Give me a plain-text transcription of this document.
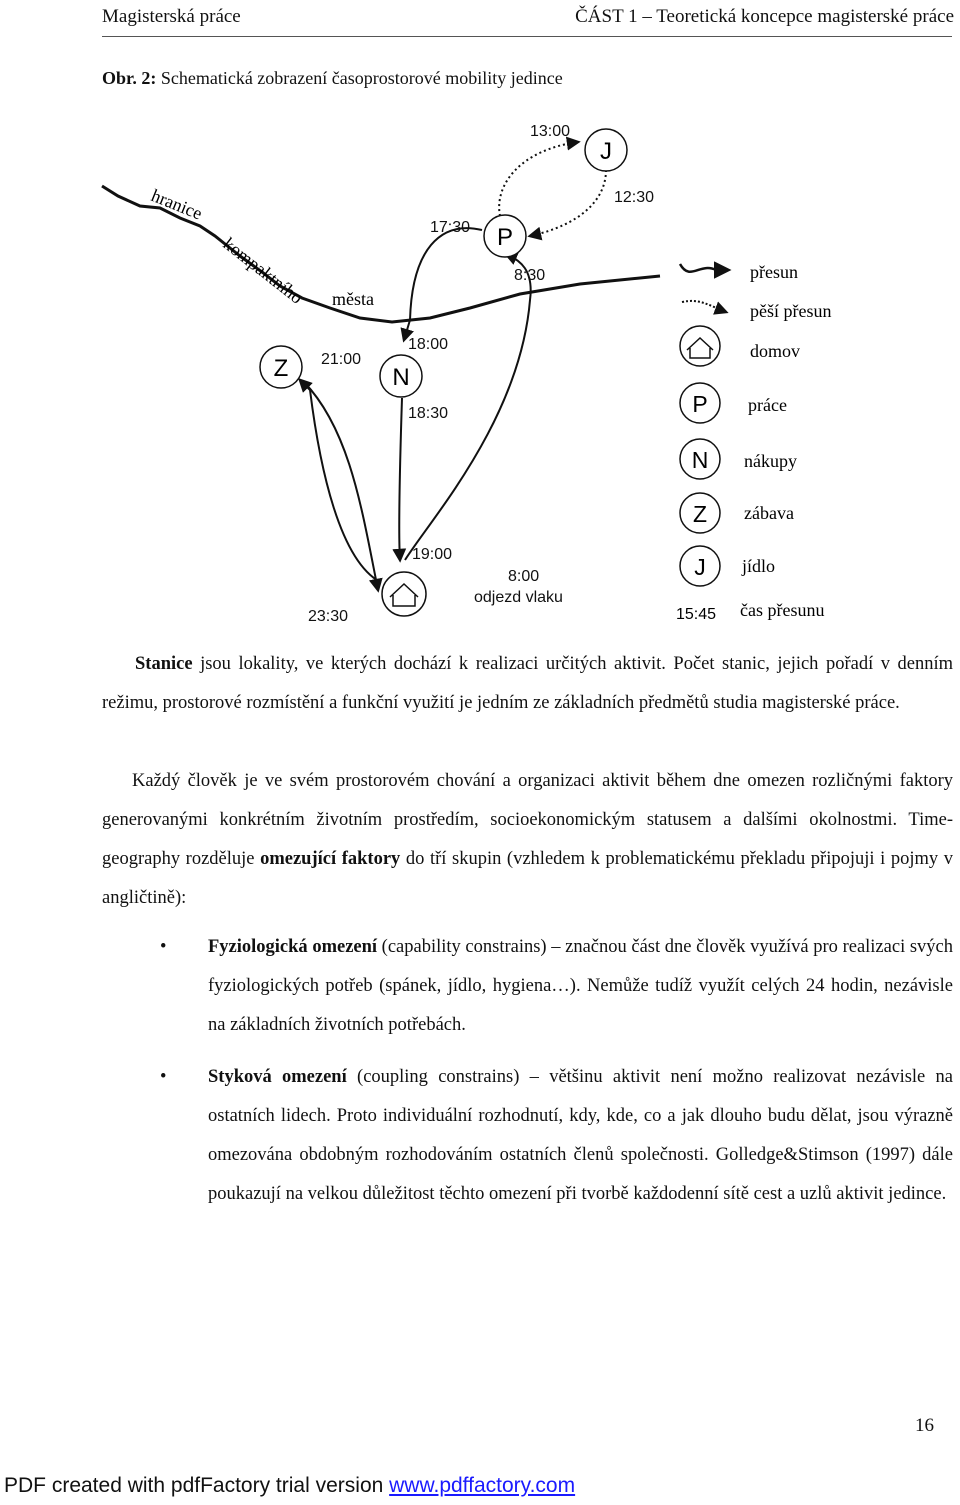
Magisterská práce	ČÁST 1 – Teoretická koncepce magisterské práce
Obr. 2: Schematická zobrazení časoprostorové mobility jedince
hranice
kompaktního města
J
P
N
Z
13:00
12:30
17:30
8:30
18:00
18:30
21:00
19:00
8:00
odjezd vlaku
23:30
přesun
pěší přesun
domov
P práce
N nákupy
Z zábava
J jídlo
15:45 čas přesunu

Stanice jsou lokality, ve kterých dochází k realizaci určitých aktivit. Počet stanic, jejich pořadí v denním režimu, prostorové rozmístění a funkční využití je jedním ze základních předmětů studia magisterské práce.

Každý člověk je ve svém prostorovém chování a organizaci aktivit během dne omezen rozličnými faktory generovanými konkrétním životním prostředím, socioekonomickým statusem a dalšími okolnostmi. Time-geography rozděluje omezující faktory do tří skupin (vzhledem k problematickému překladu připojuji i pojmy v angličtině):

•	Fyziologická omezení (capability constrains) – značnou část dne člověk využívá pro realizaci svých fyziologických potřeb (spánek, jídlo, hygiena…). Nemůže tudíž využít celých 24 hodin, nezávisle na základních životních potřebách.
•	Styková omezení (coupling constrains) – většinu aktivit není možno realizovat nezávisle na ostatních lidech. Proto individuální rozhodnutí, kdy, kde, co a jak dlouho budu dělat, jsou výrazně omezována obdobným rozhodováním ostatních členů společnosti. Golledge&Stimson (1997) dále poukazují na velkou důležitost těchto omezení při tvorbě každodenní sítě cest a uzlů aktivit jedince.
16
PDF created with pdfFactory trial version www.pdffactory.com
